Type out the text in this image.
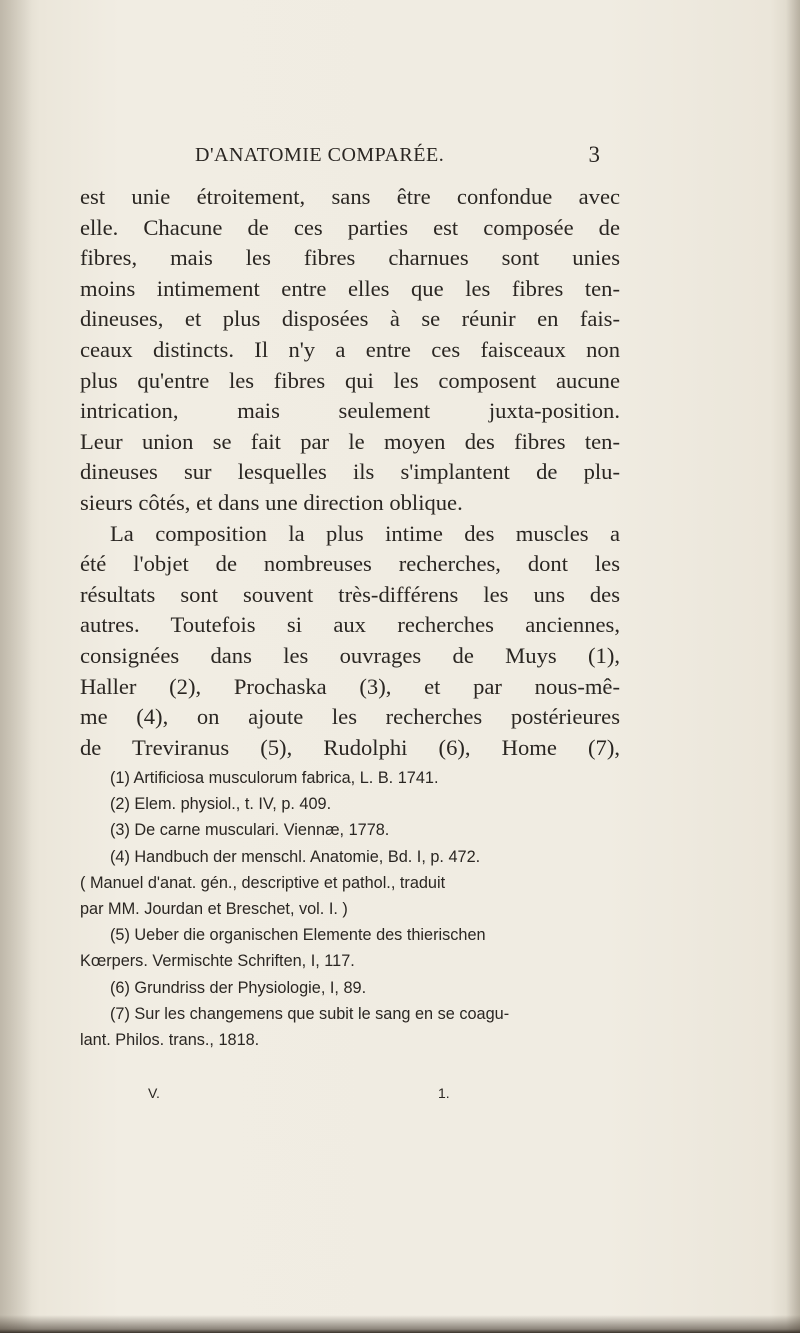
D'ANATOMIE COMPARÉE.	3
est unie étroitement, sans être confondue avec
elle. Chacune de ces parties est composée de
fibres, mais les fibres charnues sont unies
moins intimement entre elles que les fibres ten-
dineuses, et plus disposées à se réunir en fais-
ceaux distincts. Il n'y a entre ces faisceaux non
plus qu'entre les fibres qui les composent aucune
intrication, mais seulement juxta-position.
Leur union se fait par le moyen des fibres ten-
dineuses sur lesquelles ils s'implantent de plu-
sieurs côtés, et dans une direction oblique.
La composition la plus intime des muscles a
été l'objet de nombreuses recherches, dont les
résultats sont souvent très-différens les uns des
autres. Toutefois si aux recherches anciennes,
consignées dans les ouvrages de Muys (1),
Haller (2), Prochaska (3), et par nous-mê-
me (4), on ajoute les recherches postérieures
de Treviranus (5), Rudolphi (6), Home (7),
(1) Artificiosa musculorum fabrica, L. B. 1741.
(2) Elem. physiol., t. IV, p. 409.
(3) De carne musculari. Viennæ, 1778.
(4) Handbuch der menschl. Anatomie, Bd. I, p. 472.
( Manuel d'anat. gén., descriptive et pathol., traduit
par MM. Jourdan et Breschet, vol. I. )
(5) Ueber die organischen Elemente des thierischen
Kœrpers. Vermischte Schriften, I, 117.
(6) Grundriss der Physiologie, I, 89.
(7) Sur les changemens que subit le sang en se coagu-
lant. Philos. trans., 1818.
V.	1.
